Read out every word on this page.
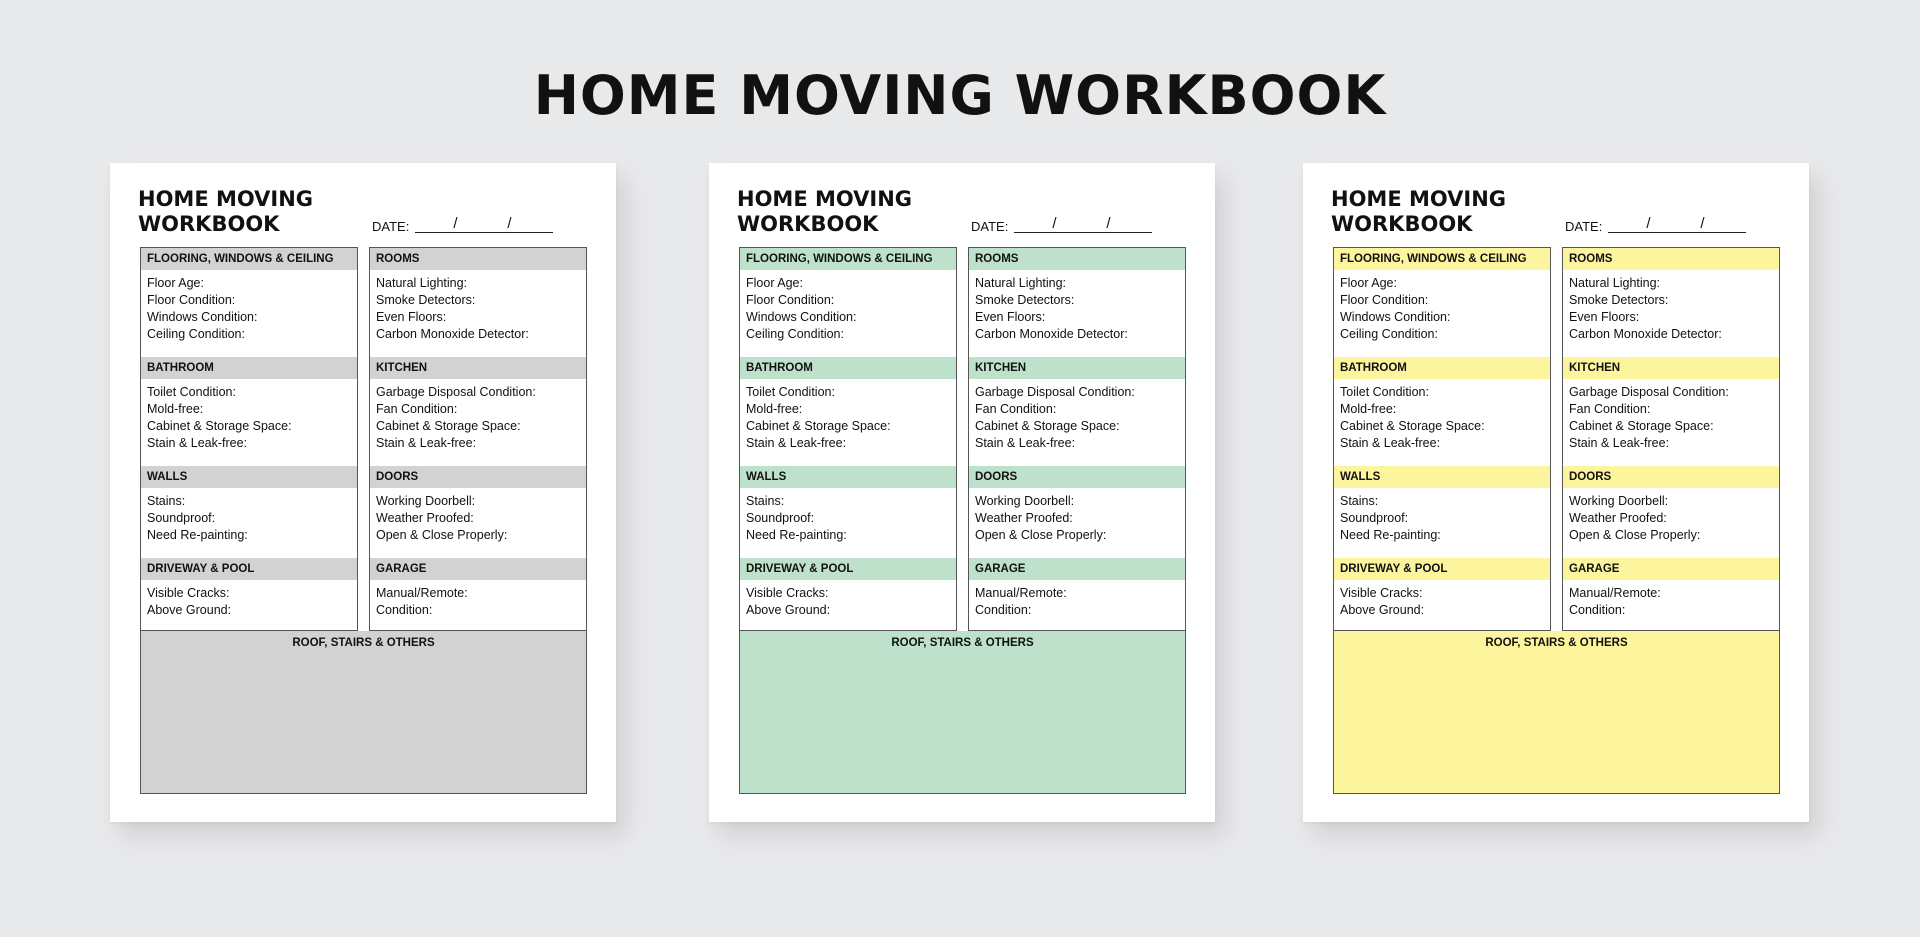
HOME MOVING WORKBOOK
HOME MOVING
WORKBOOK	DATE:	/	/
FLOORING, WINDOWS & CEILING
Floor Age:
Floor Condition:
Windows Condition:
Ceiling Condition:
BATHROOM
Toilet Condition:
Mold-free:
Cabinet & Storage Space:
Stain & Leak-free:
WALLS
Stains:
Soundproof:
Need Re-painting:
DRIVEWAY & POOL
Visible Cracks:
Above Ground:
ROOMS
Natural Lighting:
Smoke Detectors:
Even Floors:
Carbon Monoxide Detector:
KITCHEN
Garbage Disposal Condition:
Fan Condition:
Cabinet & Storage Space:
Stain & Leak-free:
DOORS
Working Doorbell:
Weather Proofed:
Open & Close Properly:
GARAGE
Manual/Remote:
Condition:
ROOF, STAIRS & OTHERS
HOME MOVING
WORKBOOK	DATE:	/	/
FLOORING, WINDOWS & CEILING
Floor Age:
Floor Condition:
Windows Condition:
Ceiling Condition:
BATHROOM
Toilet Condition:
Mold-free:
Cabinet & Storage Space:
Stain & Leak-free:
WALLS
Stains:
Soundproof:
Need Re-painting:
DRIVEWAY & POOL
Visible Cracks:
Above Ground:
ROOMS
Natural Lighting:
Smoke Detectors:
Even Floors:
Carbon Monoxide Detector:
KITCHEN
Garbage Disposal Condition:
Fan Condition:
Cabinet & Storage Space:
Stain & Leak-free:
DOORS
Working Doorbell:
Weather Proofed:
Open & Close Properly:
GARAGE
Manual/Remote:
Condition:
ROOF, STAIRS & OTHERS
HOME MOVING
WORKBOOK	DATE:	/	/
FLOORING, WINDOWS & CEILING
Floor Age:
Floor Condition:
Windows Condition:
Ceiling Condition:
BATHROOM
Toilet Condition:
Mold-free:
Cabinet & Storage Space:
Stain & Leak-free:
WALLS
Stains:
Soundproof:
Need Re-painting:
DRIVEWAY & POOL
Visible Cracks:
Above Ground:
ROOMS
Natural Lighting:
Smoke Detectors:
Even Floors:
Carbon Monoxide Detector:
KITCHEN
Garbage Disposal Condition:
Fan Condition:
Cabinet & Storage Space:
Stain & Leak-free:
DOORS
Working Doorbell:
Weather Proofed:
Open & Close Properly:
GARAGE
Manual/Remote:
Condition:
ROOF, STAIRS & OTHERS
